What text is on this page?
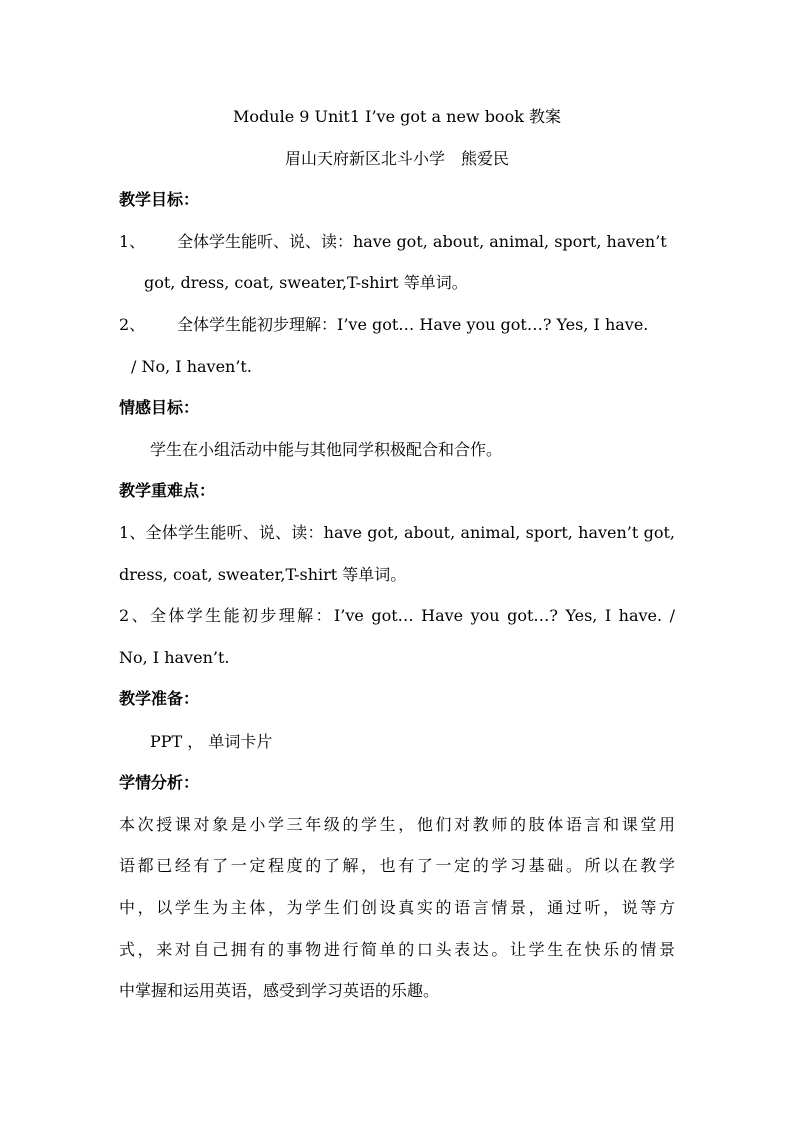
Module 9 Unit1 I’ve got a new book 教案
眉山天府新区北斗小学　熊爱民
教学目标：
1、 全体学生能听、说、读：have got, about, animal, sport, haven’t
got, dress, coat, sweater,T-shirt 等单词。
2、 全体学生能初步理解：I’ve got… Have you got…? Yes, I have.
/ No, I haven’t.
情感目标：
学生在小组活动中能与其他同学积极配合和合作。
教学重难点：
1、全体学生能听、说、读：have got, about, animal, sport, haven’t got,
dress, coat, sweater,T-shirt 等单词。
2、全体学生能初步理解：I’ve got… Have you got…? Yes, I have. /
No, I haven’t.
教学准备：
PPT ， 单词卡片
学情分析：
本次授课对象是小学三年级的学生，他们对教师的肢体语言和课堂用
语都已经有了一定程度的了解，也有了一定的学习基础。所以在教学
中，以学生为主体，为学生们创设真实的语言情景，通过听，说等方
式，来对自己拥有的事物进行简单的口头表达。让学生在快乐的情景
中掌握和运用英语，感受到学习英语的乐趣。
